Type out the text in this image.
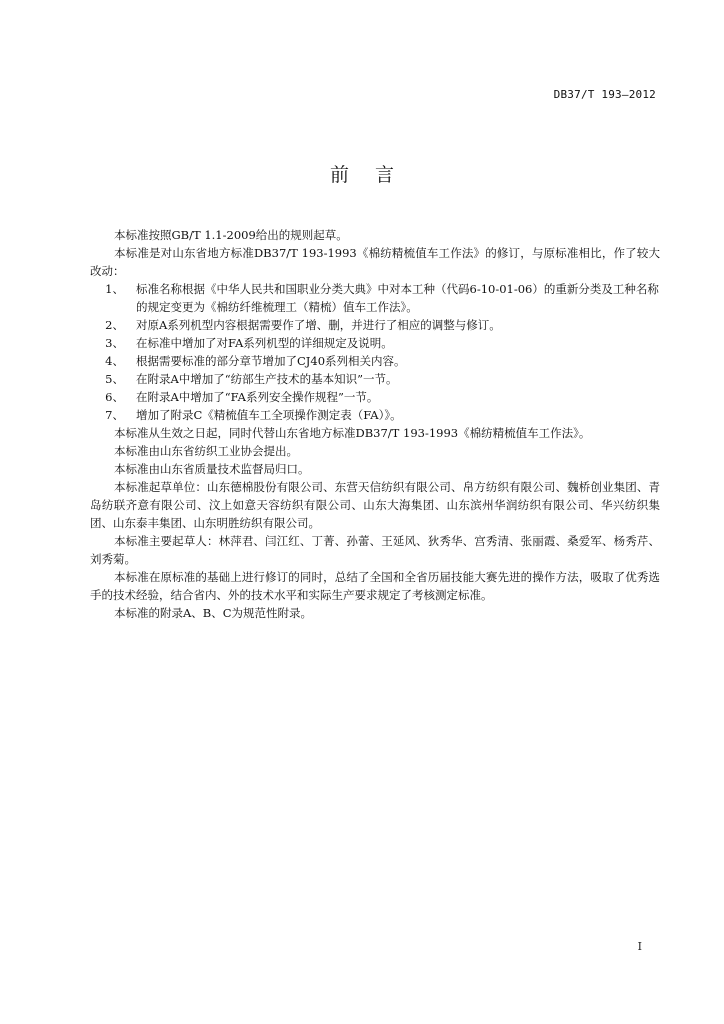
DB37/T 193—2012
前言

本标准按照GB/T 1.1-2009给出的规则起草。

本标准是对山东省地方标准DB37/T 193-1993《棉纺精梳值车工作法》的修订，与原标准相比，作了较大改动：

1、	标准名称根据《中华人民共和国职业分类大典》中对本工种（代码6-10-01-06）的重新分类及工种名称的规定变更为《棉纺纤维梳理工（精梳）值车工作法》。
2、	对原A系列机型内容根据需要作了增、删，并进行了相应的调整与修订。
3、	在标准中增加了对FA系列机型的详细规定及说明。
4、	根据需要标准的部分章节增加了CJ40系列相关内容。
5、	在附录A中增加了“纺部生产技术的基本知识”一节。
6、	在附录A中增加了“FA系列安全操作规程”一节。
7、	增加了附录C《精梳值车工全项操作测定表（FA）》。

本标准从生效之日起，同时代替山东省地方标准DB37/T 193-1993《棉纺精梳值车工作法》。

本标准由山东省纺织工业协会提出。

本标准由山东省质量技术监督局归口。

本标准起草单位：山东德棉股份有限公司、东营天信纺织有限公司、帛方纺织有限公司、魏桥创业集团、青岛纺联齐意有限公司、汶上如意天容纺织有限公司、山东大海集团、山东滨州华润纺织有限公司、华兴纺织集团、山东泰丰集团、山东明胜纺织有限公司。

本标准主要起草人：林萍君、闫江红、丁菁、孙蕾、王延风、狄秀华、宫秀清、张丽霞、桑爱军、杨秀芹、刘秀菊。

本标准在原标准的基础上进行修订的同时，总结了全国和全省历届技能大赛先进的操作方法，吸取了优秀选手的技术经验，结合省内、外的技术水平和实际生产要求规定了考核测定标准。

本标准的附录A、B、C为规范性附录。

I
